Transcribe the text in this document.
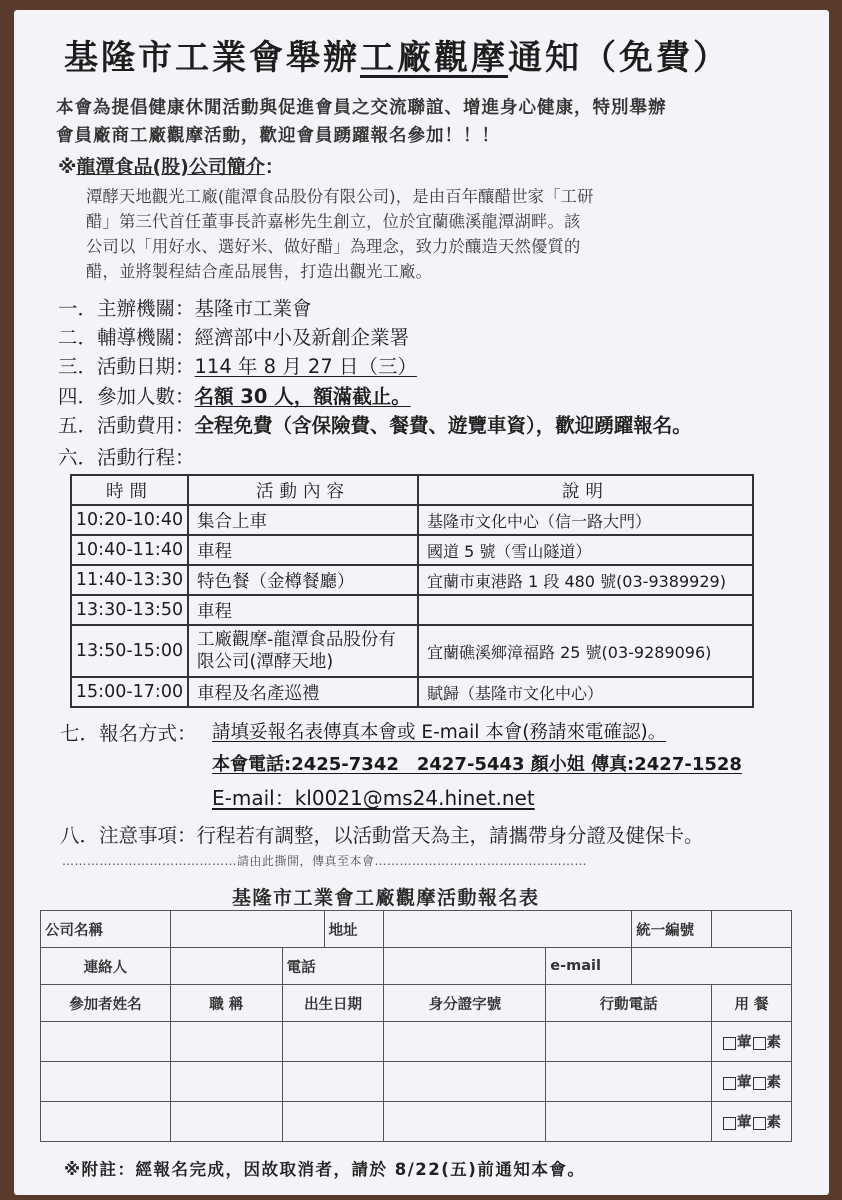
基隆市工業會舉辦工廠觀摩通知（免費）
本會為提倡健康休閒活動與促進會員之交流聯誼、增進身心健康，特別舉辦
會員廠商工廠觀摩活動，歡迎會員踴躍報名參加！！！
※龍潭食品(股)公司簡介：
潭酵天地觀光工廠(龍潭食品股份有限公司)，是由百年釀醋世家「工研
醋」第三代首任董事長許嘉彬先生創立，位於宜蘭礁溪龍潭湖畔。該
公司以「用好水、選好米、做好醋」為理念，致力於釀造天然優質的
醋，並將製程結合產品展售，打造出觀光工廠。
一．主辦機關：基隆市工業會
二．輔導機關：經濟部中小及新創企業署
三．活動日期：114 年 8 月 27 日（三）
四．參加人數：名額 30 人，額滿截止。
五．活動費用：全程免費（含保險費、餐費、遊覽車資），歡迎踴躍報名。
六．活動行程：
時間	活動內容	說明
10:20-10:40	集合上車	基隆市文化中心（信一路大門）
10:40-11:40	車程	國道 5 號（雪山隧道）
11:40-13:30	特色餐（金樽餐廳）	宜蘭市東港路 1 段 480 號(03-9389929)
13:30-13:50	車程	
13:50-15:00	工廠觀摩-龍潭食品股份有限公司(潭酵天地)	宜蘭礁溪鄉漳福路 25 號(03-9289096)
15:00-17:00	車程及名產巡禮	賦歸（基隆市文化中心）
七．報名方式： 請填妥報名表傳真本會或 E-mail 本會(務請來電確認)。
本會電話:2425-7342　2427-5443 顏小姐 傳真:2427-1528
E-mail：kl0021@ms24.hinet.net
八．注意事項：行程若有調整，以活動當天為主，請攜帶身分證及健保卡。
……………………………………請由此撕開，傳真至本會……………………………………………
基隆市工業會工廠觀摩活動報名表
公司名稱			地址			統一編號	
連絡人		電話			e-mail		
參加者姓名	職 稱	出生日期		身分證字號	行動電話		用 餐
							葷 素
							葷 素
							葷 素
※附註：經報名完成，因故取消者，請於 8/22(五)前通知本會。
